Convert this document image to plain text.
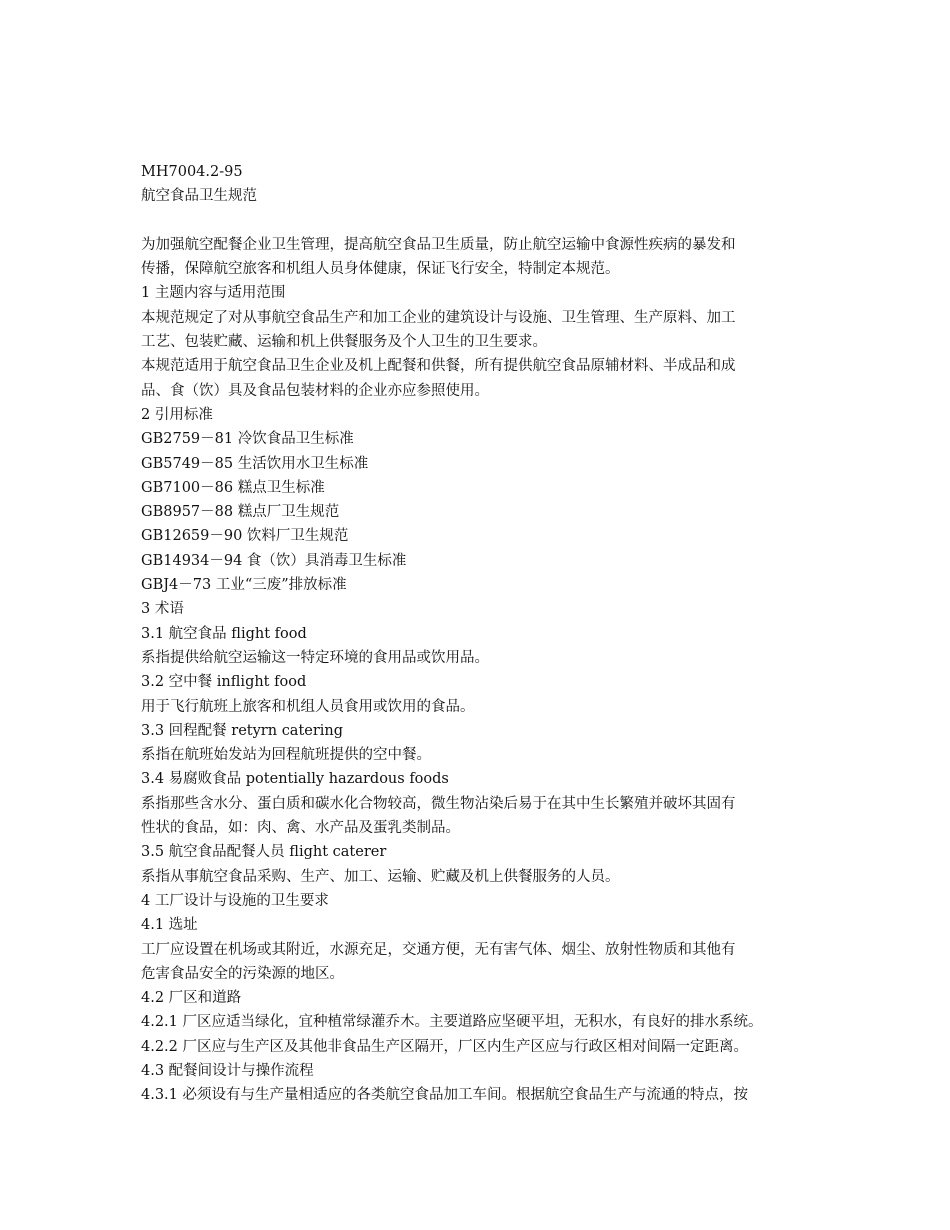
MH7004.2-95
航空食品卫生规范
为加强航空配餐企业卫生管理，提高航空食品卫生质量，防止航空运输中食源性疾病的暴发和
传播，保障航空旅客和机组人员身体健康，保证飞行安全，特制定本规范。
1 主题内容与适用范围
本规范规定了对从事航空食品生产和加工企业的建筑设计与设施、卫生管理、生产原料、加工
工艺、包装贮藏、运输和机上供餐服务及个人卫生的卫生要求。
本规范适用于航空食品卫生企业及机上配餐和供餐，所有提供航空食品原辅材料、半成品和成
品、食（饮）具及食品包装材料的企业亦应参照使用。
2 引用标准
GB2759－81 冷饮食品卫生标准
GB5749－85 生活饮用水卫生标准
GB7100－86 糕点卫生标准
GB8957－88 糕点厂卫生规范
GB12659－90 饮料厂卫生规范
GB14934－94 食（饮）具消毒卫生标准
GBJ4－73 工业“三废”排放标准
3 术语
3.1 航空食品 flight food
系指提供给航空运输这一特定环境的食用品或饮用品。
3.2 空中餐 inflight food
用于飞行航班上旅客和机组人员食用或饮用的食品。
3.3 回程配餐 retyrn catering
系指在航班始发站为回程航班提供的空中餐。
3.4 易腐败食品 potentially hazardous foods
系指那些含水分、蛋白质和碳水化合物较高，微生物沾染后易于在其中生长繁殖并破坏其固有
性状的食品，如：肉、禽、水产品及蛋乳类制品。
3.5 航空食品配餐人员 flight caterer
系指从事航空食品采购、生产、加工、运输、贮藏及机上供餐服务的人员。
4 工厂设计与设施的卫生要求
4.1 选址
工厂应设置在机场或其附近，水源充足，交通方便，无有害气体、烟尘、放射性物质和其他有
危害食品安全的污染源的地区。
4.2 厂区和道路
4.2.1 厂区应适当绿化，宜种植常绿灌乔木。主要道路应坚硬平坦，无积水，有良好的排水系统。
4.2.2 厂区应与生产区及其他非食品生产区隔开，厂区内生产区应与行政区相对间隔一定距离。
4.3 配餐间设计与操作流程
4.3.1 必须设有与生产量相适应的各类航空食品加工车间。根据航空食品生产与流通的特点，按
